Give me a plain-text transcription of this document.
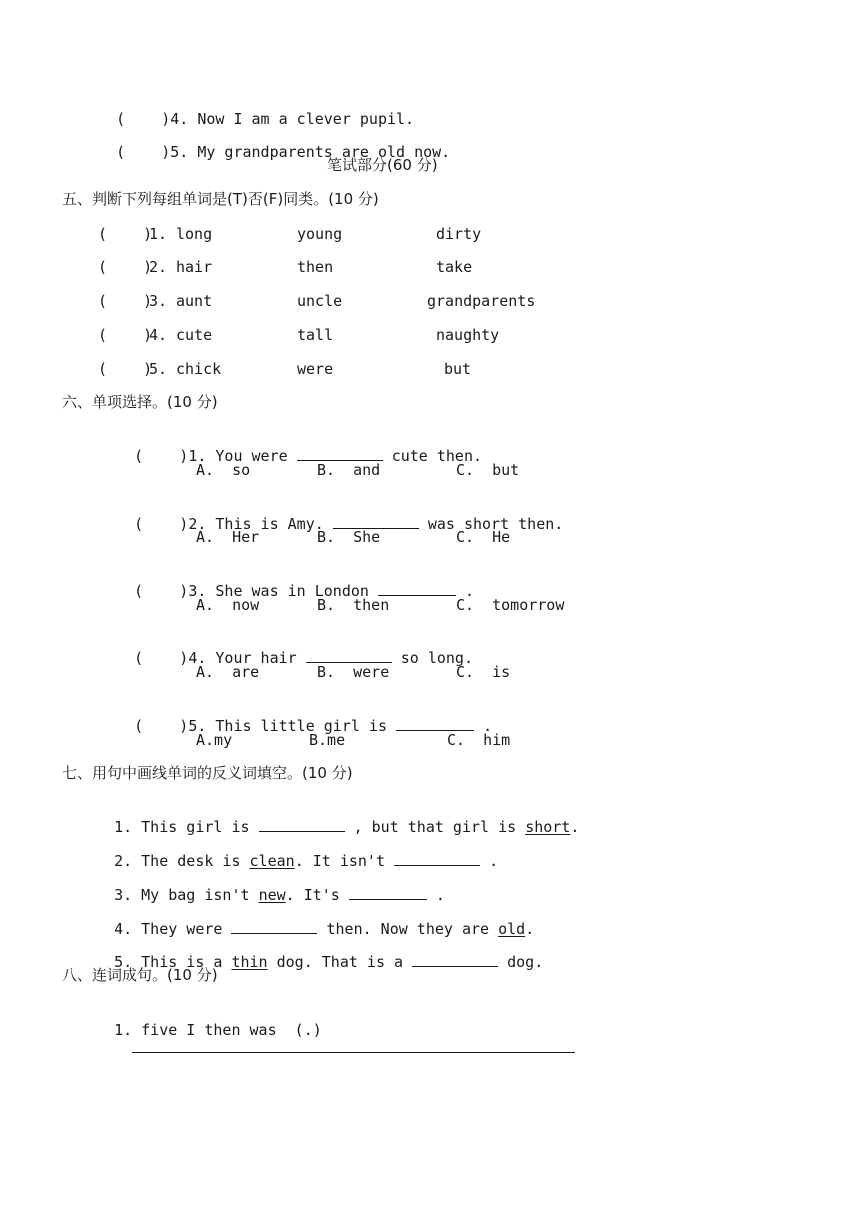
(    )4. Now I am a clever pupil.

(    )5. My grandparents are old now.

笔试部分(60 分)
五、判断下列每组单词是(T)否(F)同类。(10 分)
(    )
1. long	young	dirty
(    )
2. hair	then	take
(    )
3. aunt	uncle	grandparents
(    )
4. cute	tall	naughty
(    )
5. chick	were	but
六、单项选择。(10 分)

(    )1. You were	cute then.

A.  so	B.  and	C.  but

(    )2. This is Amy.	was short then.

A.  Her	B.  She	C.  He

(    )3. She was in London	.

A.  now	B.  then	C.  tomorrow

(    )4. Your hair	so long.

A.  are	B.  were	C.  is

(    )5. This little girl is	.

A.my	B.me	C.  him
七、用句中画线单词的反义词填空。(10 分)

1. This girl is	, but that girl is short.

2. The desk is clean. It isn't	.

3. My bag isn't new. It's	.

4. They were	then. Now they are old.

5. This is a thin dog. That is a	dog.

八、连词成句。(10 分)

1. five I then was  (.)
